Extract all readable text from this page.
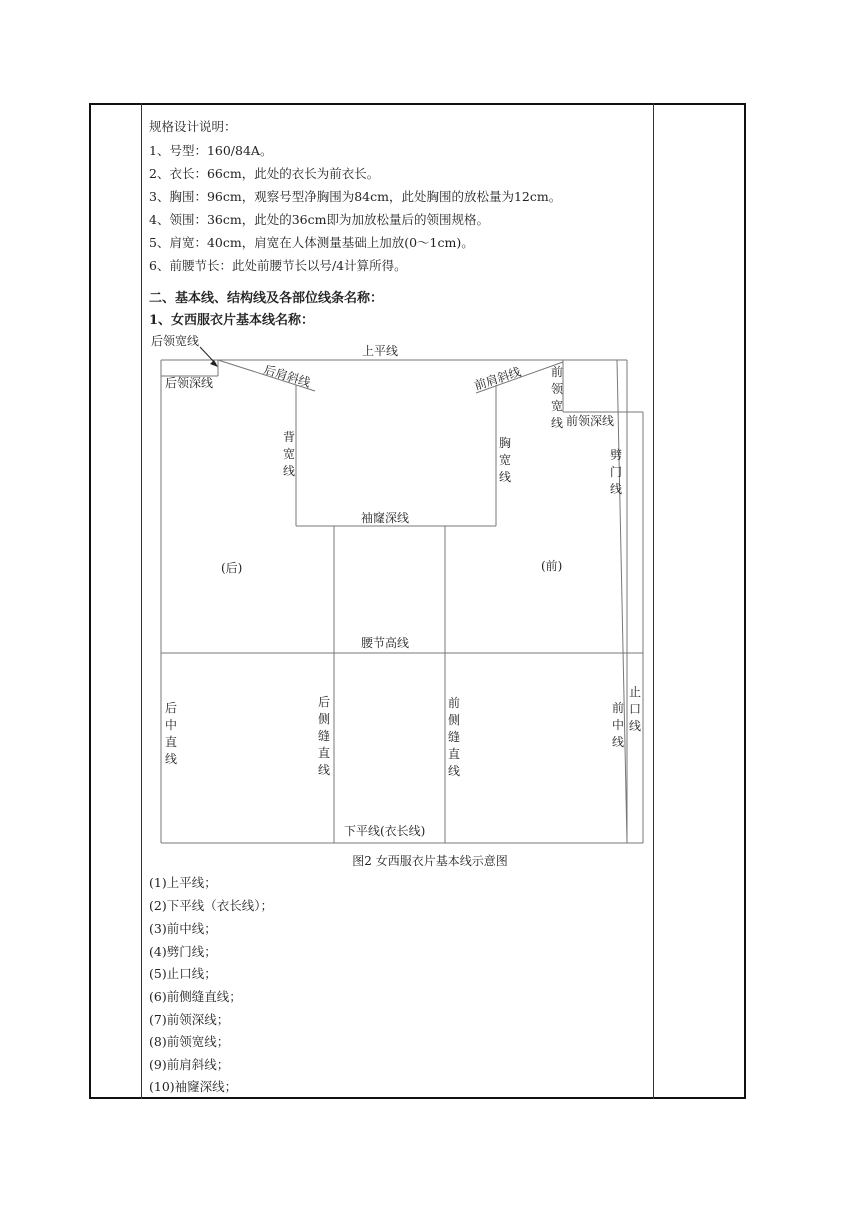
规格设计说明：
1、号型：160/84A。
2、衣长：66cm，此处的衣长为前衣长。
3、胸围：96cm，观察号型净胸围为84cm，此处胸围的放松量为12cm。
4、领围：36cm，此处的36cm即为加放松量后的领围规格。
5、肩宽：40cm，肩宽在人体测量基础上加放(0～1cm)。
6、前腰节长：此处前腰节长以号/4计算所得。
二、基本线、结构线及各部位线条名称：
1、女西服衣片基本线名称：
后领宽线
上平线
后领深线	后肩斜线	前肩斜线
前领深线
袖窿深线
(后)	(前)
腰节高线
下平线(衣长线)
前领宽线
背宽线
胸宽线
劈门线
后中直线
后侧缝直线
前侧缝直线
前中线
止口线
图2 女西服衣片基本线示意图
(1)上平线；
(2)下平线（衣长线）；
(3)前中线；
(4)劈门线；
(5)止口线；
(6)前侧缝直线；
(7)前领深线；
(8)前领宽线；
(9)前肩斜线；
(10)袖窿深线；
